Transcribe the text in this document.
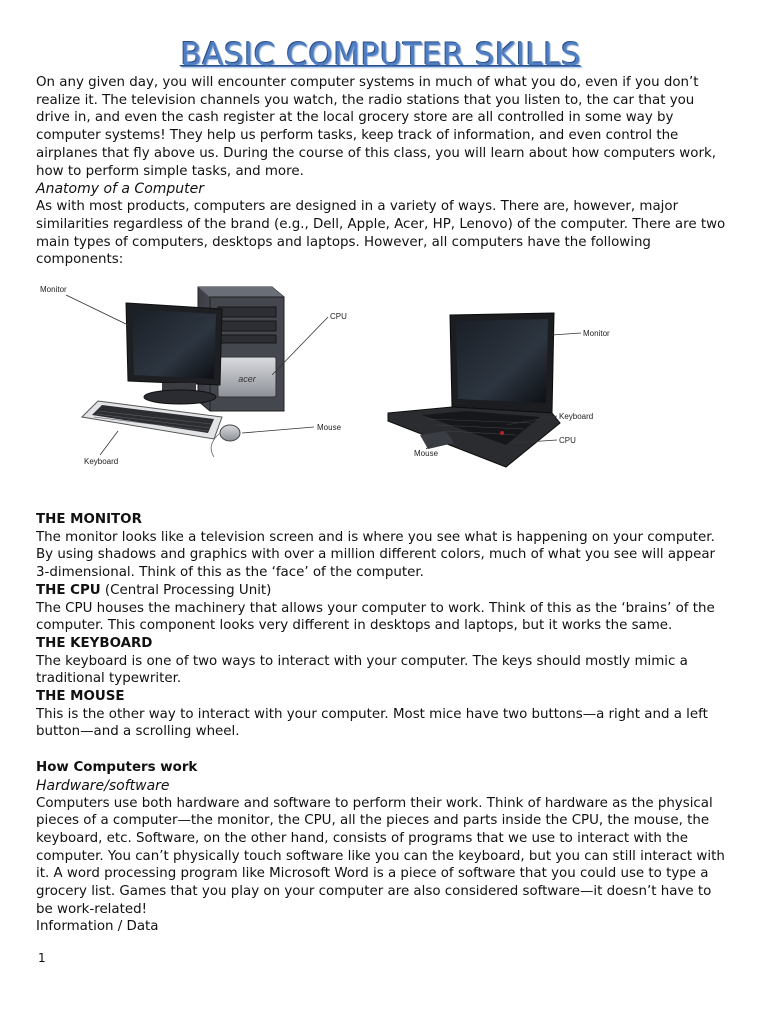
BASIC COMPUTER SKILLS

On any given day, you will encounter computer systems in much of what you do, even if you don’t realize it. The television channels you watch, the radio stations that you listen to, the car that you drive in, and even the cash register at the local grocery store are all controlled in some way by computer systems! They help us perform tasks, keep track of information, and even control the airplanes that fly above us. During the course of this class, you will learn about how computers work, how to perform simple tasks, and more.

Anatomy of a Computer

As with most products, computers are designed in a variety of ways. There are, however, major similarities regardless of the brand (e.g., Dell, Apple, Acer, HP, Lenovo) of the computer. There are two main types of computers, desktops and laptops. However, all computers have the following components:

acer
Monitor
CPU
Mouse
Keyboard
Monitor
Keyboard
CPU
Mouse

THE MONITOR

The monitor looks like a television screen and is where you see what is happening on your computer. By using shadows and graphics with over a million different colors, much of what you see will appear 3-dimensional. Think of this as the ‘face’ of the computer.

THE CPU (Central Processing Unit)

The CPU houses the machinery that allows your computer to work. Think of this as the ‘brains’ of the computer. This component looks very different in desktops and laptops, but it works the same.

THE KEYBOARD

The keyboard is one of two ways to interact with your computer. The keys should mostly mimic a traditional typewriter.

THE MOUSE

This is the other way to interact with your computer. Most mice have two buttons—a right and a left button—and a scrolling wheel.

How Computers work

Hardware/software

Computers use both hardware and software to perform their work. Think of hardware as the physical pieces of a computer—the monitor, the CPU, all the pieces and parts inside the CPU, the mouse, the keyboard, etc. Software, on the other hand, consists of programs that we use to interact with the computer. You can’t physically touch software like you can the keyboard, but you can still interact with it. A word processing program like Microsoft Word is a piece of software that you could use to type a grocery list. Games that you play on your computer are also considered software—it doesn’t have to be work-related!

Information / Data

1
